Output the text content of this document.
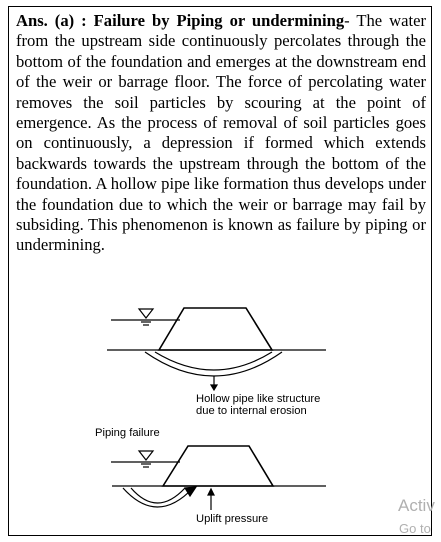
Ans. (a) : Failure by Piping or undermining- The water from the upstream side continuously percolates through the bottom of the foundation and emerges at the downstream end of the weir or barrage floor. The force of percolating water removes the soil particles by scouring at the point of emergence. As the process of removal of soil particles goes on continuously, a depression if formed which extends backwards towards the upstream through the bottom of the foundation. A hollow pipe like formation thus develops under the foundation due to which the weir or barrage may fail by subsiding. This phenomenon is known as failure by piping or undermining.

Hollow pipe like structure
due to internal erosion
Piping failure
Uplift pressure
Activ
Go to
